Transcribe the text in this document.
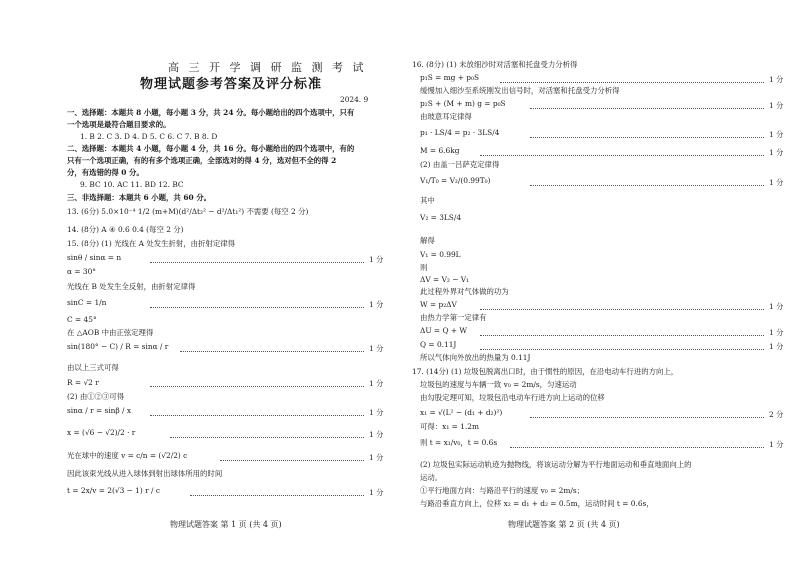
高 三 开 学 调 研 监 测 考 试
物理试题参考答案及评分标准
2024. 9
一、选择题：本题共 8 小题，每小题 3 分，共 24 分。每小题给出的四个选项中，只有
一个选项是最符合题目要求的。
1. B 2. C 3. D 4. D 5. C 6. C 7. B 8. D
二、选择题：本题共 4 小题，每小题 4 分，共 16 分。每小题给出的四个选项中，有的
只有一个选项正确，有的有多个选项正确，全部选对的得 4 分，选对但不全的得 2
分，有选错的得 0 分。
9. BC 10. AC 11. BD 12. BC
三、非选择题：本题共 6 小题，共 60 分。
13. (6分) 5.0×10⁻⁴ 1/2 (m+M)(d²/Δt₂² − d²/Δt₁²) 不需要 (每空 2 分)
14. (8分) A ④ 0.6 0.4 (每空 2 分)
15. (8分) (1) 光线在 A 处发生折射，由折射定律得
sinθ / sinα = n	1 分
α = 30°
光线在 B 处发生全反射，由折射定律得
sinC = 1/n	1 分
C = 45°
在 △AOB 中由正弦定理得
sin(180° − C) / R = sinα / r	1 分
由以上三式可得
R = √2 r	1 分
(2) 由①②③可得
sinα / r = sinβ / x	1 分
x = (√6 − √2)/2 · r	1 分
光在球中的速度 v = c/n = (√2/2) c	1 分
因此该束光线从进入球体到射出球体所用的时间
t = 2x/v = 2(√3 − 1) r / c	1 分
物理试题答案 第 1 页 (共 4 页)
16. (8分) (1) 未放细沙时对活塞和托盘受力分析得
p₁S = mg + p₀S	1 分
缓慢加入细沙至系统刚发出信号时，对活塞和托盘受力分析得
p₂S + (M + m) g = p₀S	1 分
由玻意耳定律得
p₁ · LS/4 = p₂ · 3LS/4	1 分
M = 6.6kg	1 分
(2) 由盖一吕萨克定律得
V₁/T₀ = V₂/(0.99T₀)	1 分
其中
V₂ = 3LS/4
解得
V₁ = 0.99L
则
ΔV = V₂ − V₁
此过程外界对气体做的功为
W = p₂ΔV	1 分
由热力学第一定律有
ΔU = Q + W	1 分
Q = 0.11J	1 分
所以气体向外放出的热量为 0.11J
17. (14分) (1) 垃圾包脱离出口时，由于惯性的原因，在沿电动车行进的方向上，
垃圾包的速度与车辆一致 v₀ = 2m/s，匀速运动
由勾股定理可知，垃圾包沿电动车行进方向上运动的位移
x₁ = √(L² − (d₁ + d₂)²)	2 分
可得：x₁ = 1.2m
则 t = x₁/v₀，t = 0.6s	1 分
(2) 垃圾包实际运动轨迹为抛物线，将该运动分解为平行地面运动和垂直地面向上的
运动。
①平行地面方向：与路沿平行的速度 v₀ = 2m/s；
与路沿垂直方向上，位移 x₂ = d₁ + d₂ = 0.5m，运动时间 t = 0.6s，
物理试题答案 第 2 页 (共 4 页)
